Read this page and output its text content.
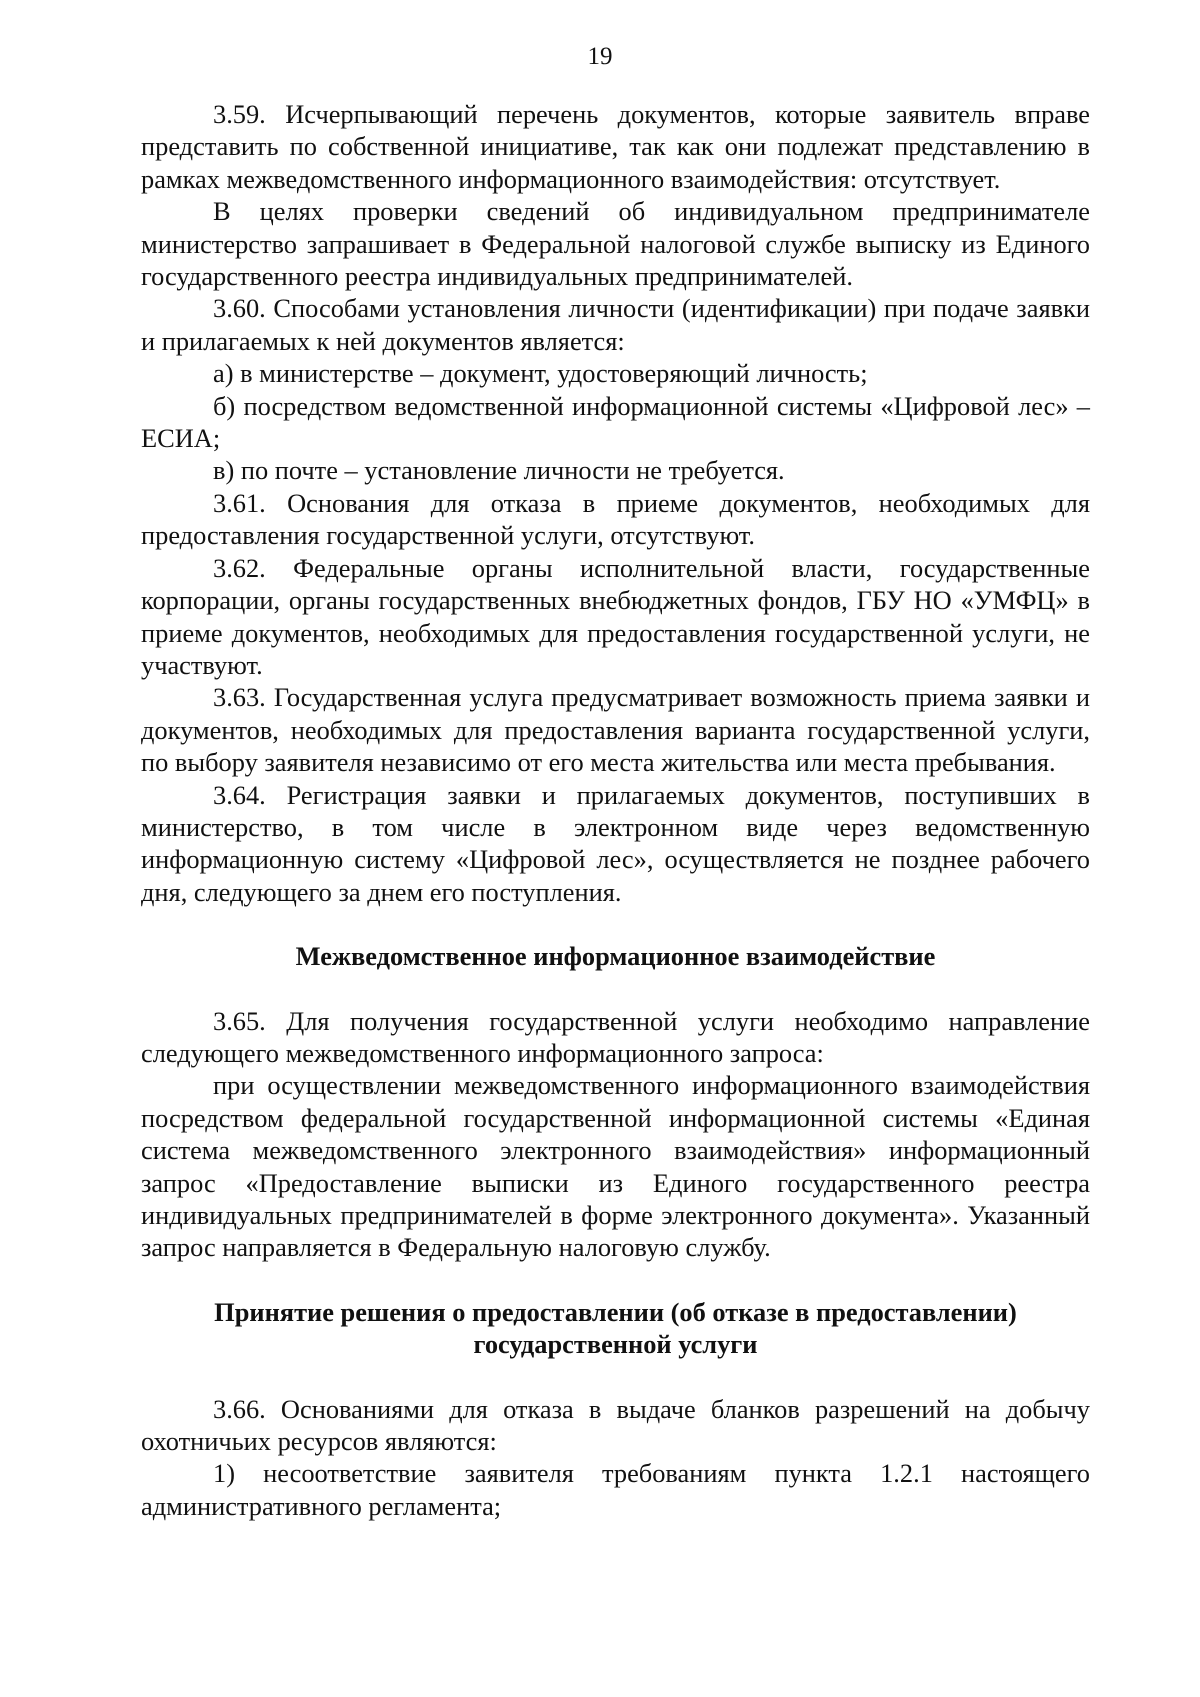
19

3.59. Исчерпывающий перечень документов, которые заявитель вправе представить по собственной инициативе, так как они подлежат представлению в рамках межведомственного информационного взаимодействия: отсутствует.

В целях проверки сведений об индивидуальном предпринимателе министерство запрашивает в Федеральной налоговой службе выписку из Единого государственного реестра индивидуальных предпринимателей.

3.60. Способами установления личности (идентификации) при подаче заявки и прилагаемых к ней документов является:

а) в министерстве – документ, удостоверяющий личность;

б) посредством ведомственной информационной системы «Цифровой лес» – ЕСИА;

в) по почте – установление личности не требуется.

3.61. Основания для отказа в приеме документов, необходимых для предоставления государственной услуги, отсутствуют.

3.62. Федеральные органы исполнительной власти, государственные корпорации, органы государственных внебюджетных фондов, ГБУ НО «УМФЦ» в приеме документов, необходимых для предоставления государственной услуги, не участвуют.

3.63. Государственная услуга предусматривает возможность приема заявки и документов, необходимых для предоставления варианта государственной услуги, по выбору заявителя независимо от его места жительства или места пребывания.

3.64. Регистрация заявки и прилагаемых документов, поступивших в министерство, в том числе в электронном виде через ведомственную информационную систему «Цифровой лес», осуществляется не позднее рабочего дня, следующего за днем его поступления.

Межведомственное информационное взаимодействие

3.65. Для получения государственной услуги необходимо направление следующего межведомственного информационного запроса:

при осуществлении межведомственного информационного взаимодействия посредством федеральной государственной информационной системы «Единая система межведомственного электронного взаимодействия» информационный запрос «Предоставление выписки из Единого государственного реестра индивидуальных предпринимателей в форме электронного документа». Указанный запрос направляется в Федеральную налоговую службу.

Принятие решения о предоставлении (об отказе в предоставлении)

государственной услуги

3.66. Основаниями для отказа в выдаче бланков разрешений на добычу охотничьих ресурсов являются:

1) несоответствие заявителя требованиям пункта 1.2.1 настоящего административного регламента;
